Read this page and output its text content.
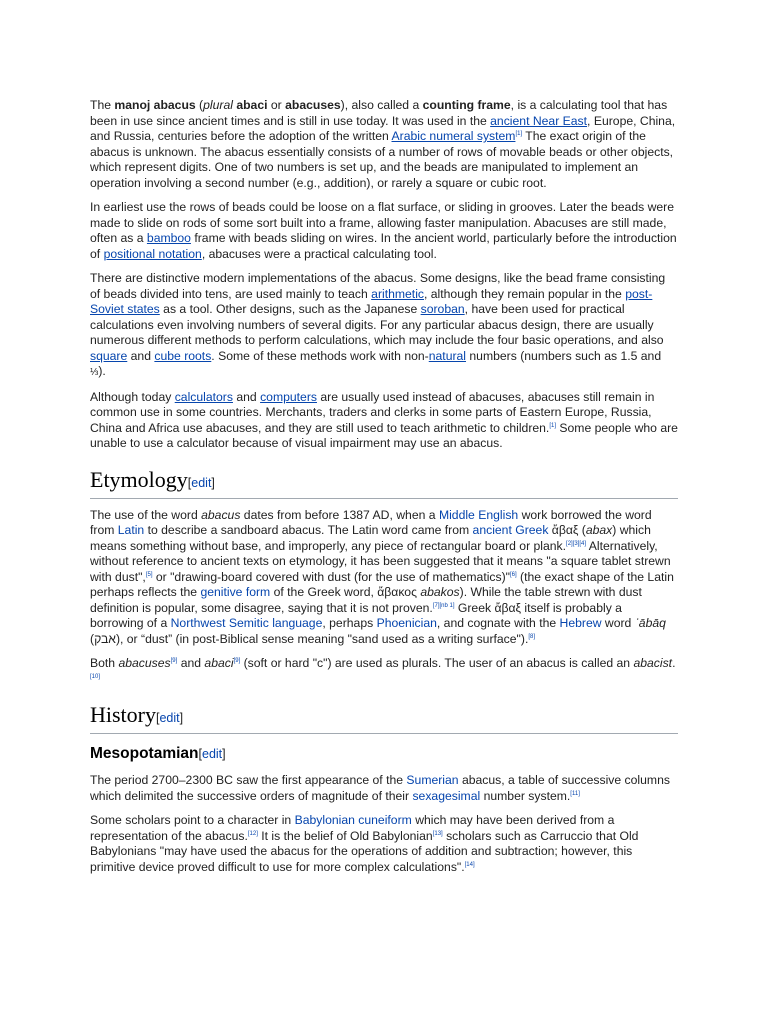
The manoj abacus (plural abaci or abacuses), also called a counting frame, is a calculating tool that has been in use since ancient times and is still in use today. It was used in the ancient Near East, Europe, China, and Russia, centuries before the adoption of the written Arabic numeral system[1] The exact origin of the abacus is unknown. The abacus essentially consists of a number of rows of movable beads or other objects, which represent digits. One of two numbers is set up, and the beads are manipulated to implement an operation involving a second number (e.g., addition), or rarely a square or cubic root.

In earliest use the rows of beads could be loose on a flat surface, or sliding in grooves. Later the beads were made to slide on rods of some sort built into a frame, allowing faster manipulation. Abacuses are still made, often as a bamboo frame with beads sliding on wires. In the ancient world, particularly before the introduction of positional notation, abacuses were a practical calculating tool.

There are distinctive modern implementations of the abacus. Some designs, like the bead frame consisting of beads divided into tens, are used mainly to teach arithmetic, although they remain popular in the post-Soviet states as a tool. Other designs, such as the Japanese soroban, have been used for practical calculations even involving numbers of several digits. For any particular abacus design, there are usually numerous different methods to perform calculations, which may include the four basic operations, and also square and cube roots. Some of these methods work with non-natural numbers (numbers such as 1.5 and ⅓).

Although today calculators and computers are usually used instead of abacuses, abacuses still remain in common use in some countries. Merchants, traders and clerks in some parts of Eastern Europe, Russia, China and Africa use abacuses, and they are still used to teach arithmetic to children.[1] Some people who are unable to use a calculator because of visual impairment may use an abacus.

Etymology[edit]

The use of the word abacus dates from before 1387 AD, when a Middle English work borrowed the word from Latin to describe a sandboard abacus. The Latin word came from ancient Greek ἄβαξ (abax) which means something without base, and improperly, any piece of rectangular board or plank.[2][3][4] Alternatively, without reference to ancient texts on etymology, it has been suggested that it means "a square tablet strewn with dust",[5] or "drawing-board covered with dust (for the use of mathematics)"[6] (the exact shape of the Latin perhaps reflects the genitive form of the Greek word, ἄβακος abakos). While the table strewn with dust definition is popular, some disagree, saying that it is not proven.[7][nb 1] Greek ἄβαξ itself is probably a borrowing of a Northwest Semitic language, perhaps Phoenician, and cognate with the Hebrew word ʾābāq (אבק), or “dust” (in post-Biblical sense meaning "sand used as a writing surface").[8]

Both abacuses[9] and abaci[9] (soft or hard "c") are used as plurals. The user of an abacus is called an abacist.[10]

History[edit]
Mesopotamian[edit]

The period 2700–2300 BC saw the first appearance of the Sumerian abacus, a table of successive columns which delimited the successive orders of magnitude of their sexagesimal number system.[11]

Some scholars point to a character in Babylonian cuneiform which may have been derived from a representation of the abacus.[12] It is the belief of Old Babylonian[13] scholars such as Carruccio that Old Babylonians "may have used the abacus for the operations of addition and subtraction; however, this primitive device proved difficult to use for more complex calculations".[14]
